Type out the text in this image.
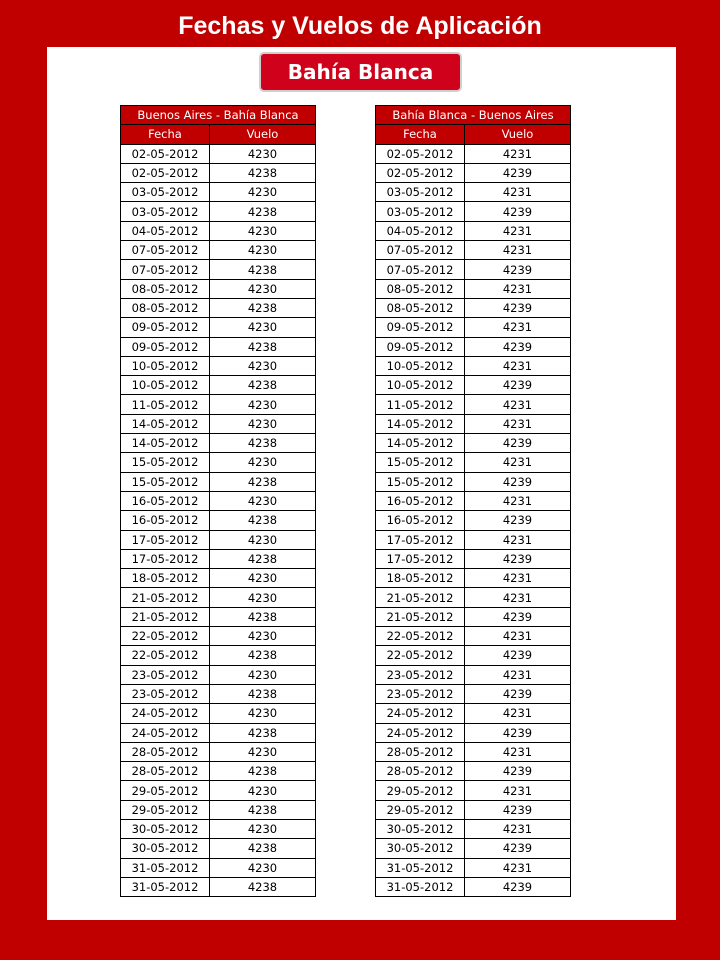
Fechas y Vuelos de Aplicación
Bahía Blanca
Buenos Aires - Bahía Blanca	
Fecha	Vuelo
02-05-2012	4230
02-05-2012	4238
03-05-2012	4230
03-05-2012	4238
04-05-2012	4230
07-05-2012	4230
07-05-2012	4238
08-05-2012	4230
08-05-2012	4238
09-05-2012	4230
09-05-2012	4238
10-05-2012	4230
10-05-2012	4238
11-05-2012	4230
14-05-2012	4230
14-05-2012	4238
15-05-2012	4230
15-05-2012	4238
16-05-2012	4230
16-05-2012	4238
17-05-2012	4230
17-05-2012	4238
18-05-2012	4230
21-05-2012	4230
21-05-2012	4238
22-05-2012	4230
22-05-2012	4238
23-05-2012	4230
23-05-2012	4238
24-05-2012	4230
24-05-2012	4238
28-05-2012	4230
28-05-2012	4238
29-05-2012	4230
29-05-2012	4238
30-05-2012	4230
30-05-2012	4238
31-05-2012	4230
31-05-2012	4238
Bahía Blanca - Buenos Aires	
Fecha	Vuelo
02-05-2012	4231
02-05-2012	4239
03-05-2012	4231
03-05-2012	4239
04-05-2012	4231
07-05-2012	4231
07-05-2012	4239
08-05-2012	4231
08-05-2012	4239
09-05-2012	4231
09-05-2012	4239
10-05-2012	4231
10-05-2012	4239
11-05-2012	4231
14-05-2012	4231
14-05-2012	4239
15-05-2012	4231
15-05-2012	4239
16-05-2012	4231
16-05-2012	4239
17-05-2012	4231
17-05-2012	4239
18-05-2012	4231
21-05-2012	4231
21-05-2012	4239
22-05-2012	4231
22-05-2012	4239
23-05-2012	4231
23-05-2012	4239
24-05-2012	4231
24-05-2012	4239
28-05-2012	4231
28-05-2012	4239
29-05-2012	4231
29-05-2012	4239
30-05-2012	4231
30-05-2012	4239
31-05-2012	4231
31-05-2012	4239
